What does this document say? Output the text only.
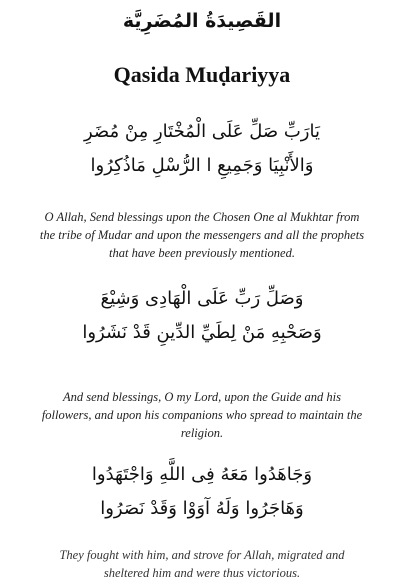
القَصِيدَةُ المُضَرِيَّة
Qasida Muḍariyya
يَارَبِّ صَلِّ عَلَى الْمُخْتَارِ مِنْ مُضَرِ
وَالأَنْبِيَا وَجَمِيعِ ا الرُّسْلِ مَاذُكِرُوا
O Allah, Send blessings upon the Chosen One al Mukhtar from
the tribe of Mudar and upon the messengers and all the prophets
that have been previously mentioned.
وَصَلِّ رَبِّ عَلَى الْهَادِى وَشِيْعَ
وَصَحْبِهِ مَنْ لِطَيِّ الدِّينِ قَدْ نَشَرُوا
And send blessings, O my Lord, upon the Guide and his
followers, and upon his companions who spread to maintain the
religion.
وَجَاهَدُوا مَعَهُ فِى اللَّهِ وَاجْتَهَدُوا
وَهَاجَرُوا وَلَهُ آوَوْا وَقَدْ نَصَرُوا
They fought with him, and strove for Allah, migrated and
sheltered him and were thus victorious.
